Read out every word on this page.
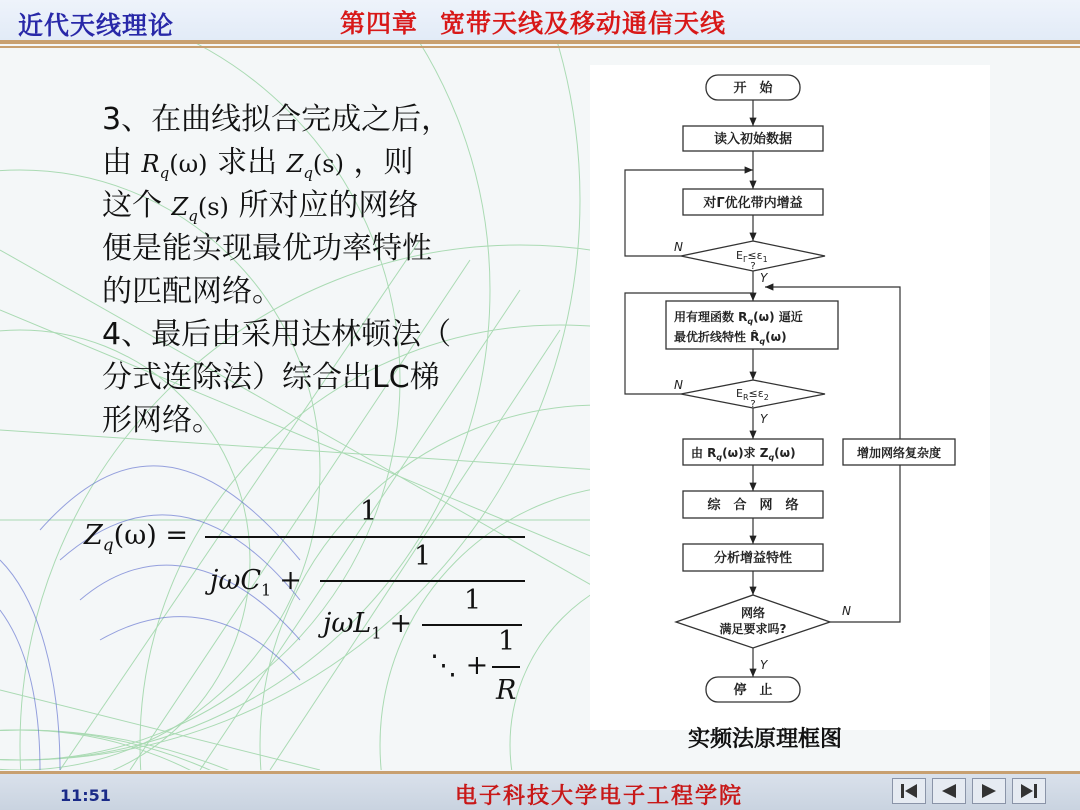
近代天线理论	第四章 宽带天线及移动通信天线
3、在曲线拟合完成之后，
由 $R_q(\omega)$ 求出 $Z_q(s)$ ，则
这个 $Z_q(s)$ 所对应的网络
便是能实现最优功率特性
的匹配网络。
4、最后由采用达林顿法（
分式连除法）综合出LC梯
形网络。
$Z_q(\omega)$ =
1
jωC$_1$ +
1
jωL$_1$ +
1
⋱ +
1
R
开　始
读入初始数据
对Γ优化带内增益
$E_\Gamma\le\varepsilon_1$
?
N
Y
用有理函数 $R_q(\omega)$ 逼近
最优折线特性 $R̂_q(\omega)$
$E_R\le\varepsilon_2$
?
N
Y
由 $R_q(\omega)$求 $Z_q(\omega)$	增加网络复杂度
综　合　网　络
分析增益特性
网络
满足要求吗?
N
Y
停　止
实频法原理框图
11:51	电子科技大学电子工程学院
